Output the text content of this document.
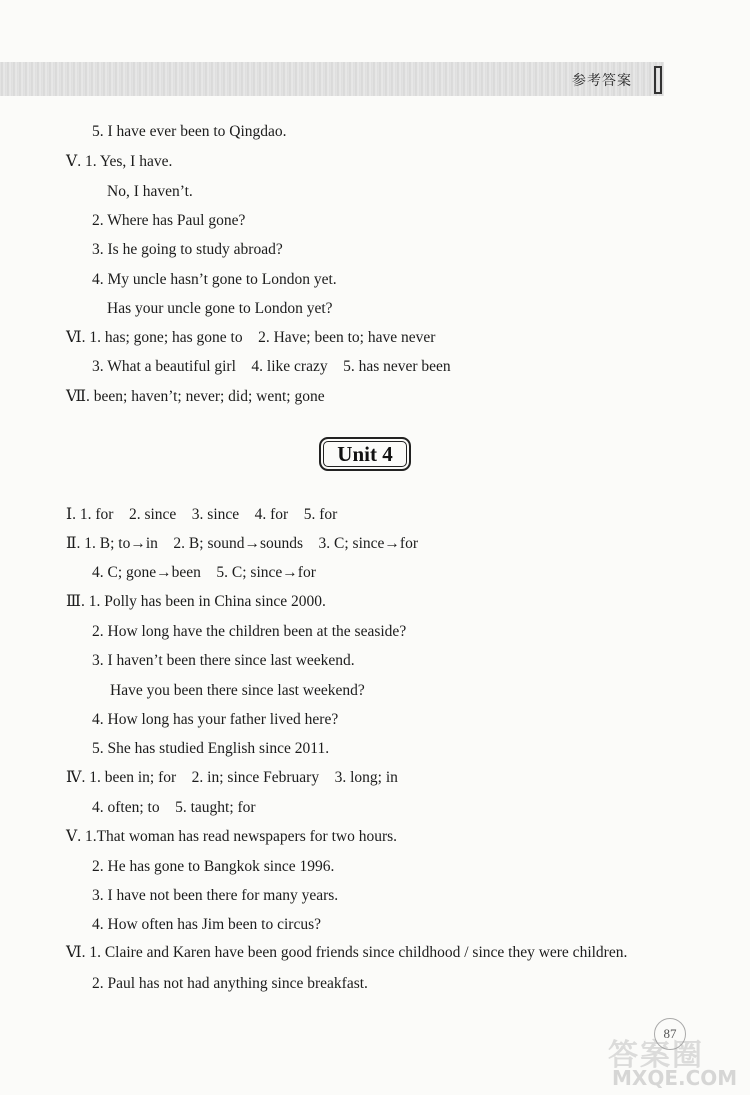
参考答案
5. I have ever been to Qingdao.
Ⅴ. 1. Yes, I have.
No, I haven’t.
2. Where has Paul gone?
3. Is he going to study abroad?
4. My uncle hasn’t gone to London yet.
Has your uncle gone to London yet?
Ⅵ. 1. has; gone; has gone to    2. Have; been to; have never
3. What a beautiful girl    4. like crazy    5. has never been
Ⅶ. been; haven’t; never; did; went; gone
Unit 4
Ⅰ. 1. for    2. since    3. since    4. for    5. for
Ⅱ. 1. B; to→in    2. B; sound→sounds    3. C; since→for
4. C; gone→been    5. C; since→for
Ⅲ. 1. Polly has been in China since 2000.
2. How long have the children been at the seaside?
3. I haven’t been there since last weekend.
Have you been there since last weekend?
4. How long has your father lived here?
5. She has studied English since 2011.
Ⅳ. 1. been in; for    2. in; since February    3. long; in
4. often; to    5. taught; for
Ⅴ. 1.That woman has read newspapers for two hours.
2. He has gone to Bangkok since 1996.
3. I have not been there for many years.
4. How often has Jim been to circus?
Ⅵ. 1. Claire and Karen have been good friends since childhood / since they were children.
2. Paul has not had anything since breakfast.
87
答案圈
MXQE.COM
